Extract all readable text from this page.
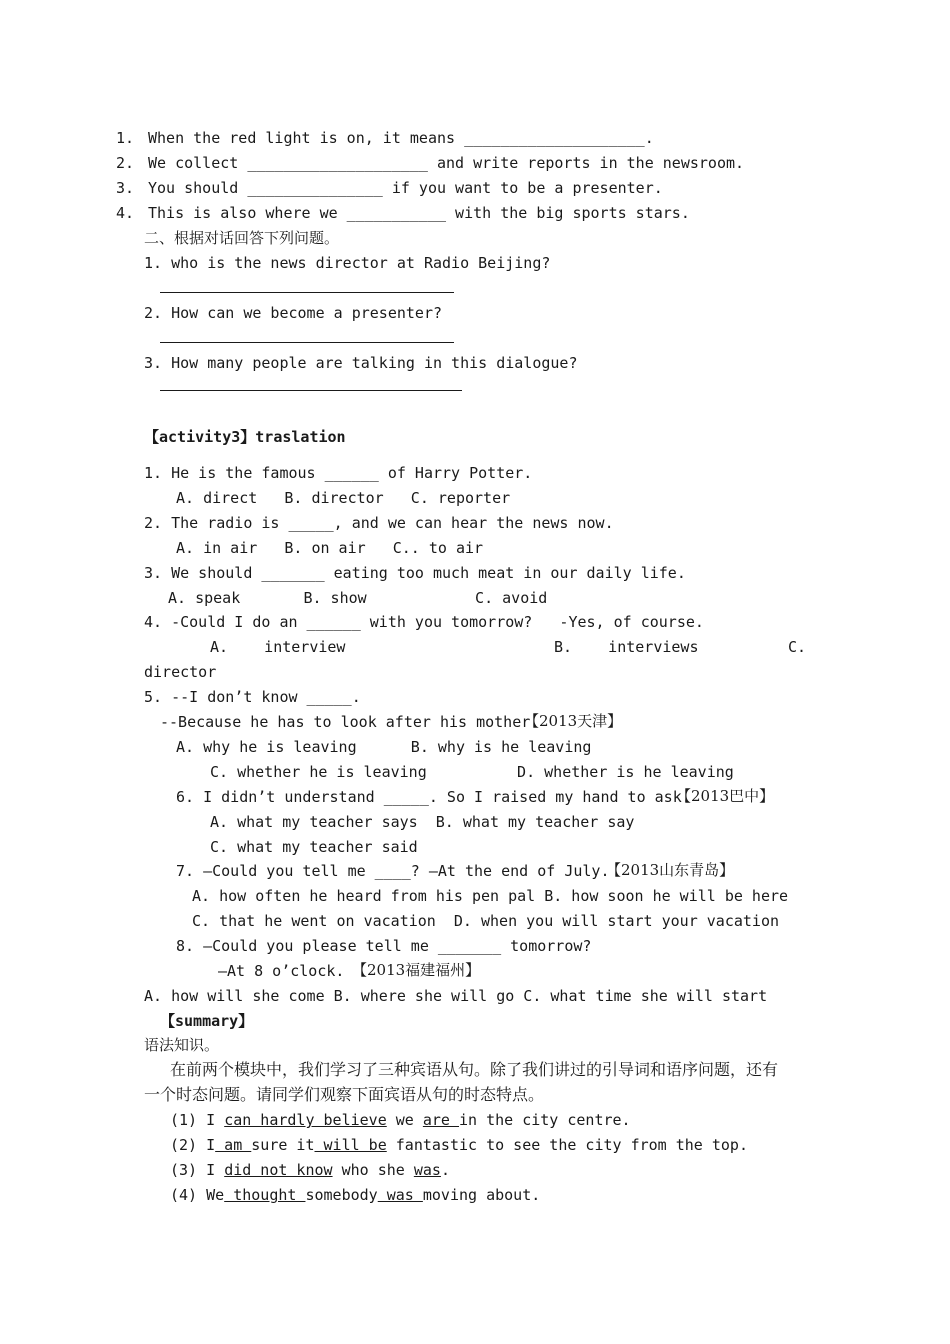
1. When the red light is on, it means ____________________.
2. We collect ____________________ and write reports in the newsroom.
3. You should _______________ if you want to be a presenter.
4. This is also where we ___________ with the big sports stars.
二、根据对话回答下列问题。
1. who is the news director at Radio Beijing?
2. How can we become a presenter?
3. How many people are talking in this dialogue?
【activity3】traslation
1. He is the famous ______ of Harry Potter.
A. direct   B. director   C. reporter
2. The radio is _____, and we can hear the news now.
A. in air   B. on air   C.. to air
3. We should _______ eating too much meat in our daily life.
A. speak       B. show            C. avoid
4. -Could I do an ______ with you tomorrow?   -Yes, of course.
A.    interview	B.    interviews	C.
director
5. --I don’t know _____.
--Because he has to look after his mother.
【2013天津】
A. why he is leaving      B. why is he leaving
C. whether he is leaving          D. whether is he leaving
6. I didn’t understand _____. So I raised my hand to ask.
【2013巴中】
A. what my teacher says  B. what my teacher say
C. what my teacher said
7. —Could you tell me ____? —At the end of July.
【2013山东青岛】
A. how often he heard from his pen pal B. how soon he will be here
C. that he went on vacation  D. when you will start your vacation
8. —Could you please tell me _______ tomorrow?
—At 8 o’clock. 【2013福建福州】
A. how will she come B. where she will go C. what time she will start
【summary】
语法知识。
在前两个模块中，我们学习了三种宾语从句。除了我们讲过的引导词和语序问题，还有
一个时态问题。请同学们观察下面宾语从句的时态特点。
(1) I can hardly believe we are in the city centre.
(2) I am sure it will be fantastic to see the city from the top.
(3) I did not know who she was.
(4) We thought somebody was moving about.
